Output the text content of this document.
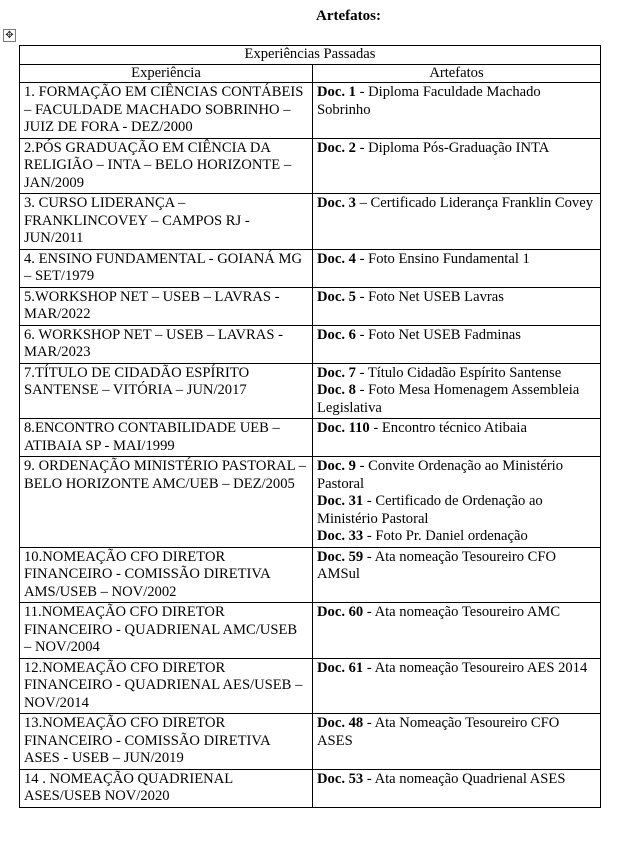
Artefatos:
✥
Experiências Passadas	
Experiência	Artefatos
1. FORMAÇÃO EM CIÊNCIAS CONTÁBEIS – FACULDADE MACHADO SOBRINHO – JUIZ DE FORA - DEZ/2000	Doc. 1 - Diploma Faculdade Machado Sobrinho

2.PÓS GRADUAÇÃO EM CIÊNCIA DA RELIGIÃO – INTA – BELO HORIZONTE – JAN/2009	Doc. 2 - Diploma Pós-Graduação INTA

3. CURSO LIDERANÇA – FRANKLINCOVEY – CAMPOS RJ - JUN/2011	Doc. 3 – Certificado Liderança Franklin Covey

4. ENSINO FUNDAMENTAL - GOIANÁ MG – SET/1979	Doc. 4 - Foto Ensino Fundamental 1

5.WORKSHOP NET – USEB – LAVRAS -MAR/2022	Doc. 5 - Foto Net USEB Lavras

6. WORKSHOP NET – USEB – LAVRAS -MAR/2023	Doc. 6 - Foto Net USEB Fadminas

7.TÍTULO DE CIDADÃO ESPÍRITO SANTENSE – VITÓRIA – JUN/2017	Doc. 7 - Título Cidadão Espírito Santense
Doc. 8 - Foto Mesa Homenagem Assembleia Legislativa

8.ENCONTRO CONTABILIDADE UEB – ATIBAIA SP - MAI/1999	Doc. 110 - Encontro técnico Atibaia

9. ORDENAÇÃO MINISTÉRIO PASTORAL – BELO HORIZONTE AMC/UEB – DEZ/2005	Doc. 9 - Convite Ordenação ao Ministério Pastoral
Doc. 31 - Certificado de Ordenação ao Ministério Pastoral
Doc. 33 - Foto Pr. Daniel ordenação

10.NOMEAÇÃO CFO DIRETOR FINANCEIRO - COMISSÃO DIRETIVA AMS/USEB – NOV/2002	Doc. 59 - Ata nomeação Tesoureiro CFO AMSul

11.NOMEAÇÃO CFO DIRETOR FINANCEIRO - QUADRIENAL AMC/USEB – NOV/2004	Doc. 60 - Ata nomeação Tesoureiro AMC

12.NOMEAÇÃO CFO DIRETOR FINANCEIRO - QUADRIENAL AES/USEB – NOV/2014	Doc. 61 - Ata nomeação Tesoureiro AES 2014

13.NOMEAÇÃO CFO DIRETOR FINANCEIRO - COMISSÃO DIRETIVA ASES - USEB – JUN/2019	Doc. 48 - Ata Nomeação Tesoureiro CFO ASES

14 . NOMEAÇÃO QUADRIENAL ASES/USEB NOV/2020	Doc. 53 - Ata nomeação Quadrienal ASES
